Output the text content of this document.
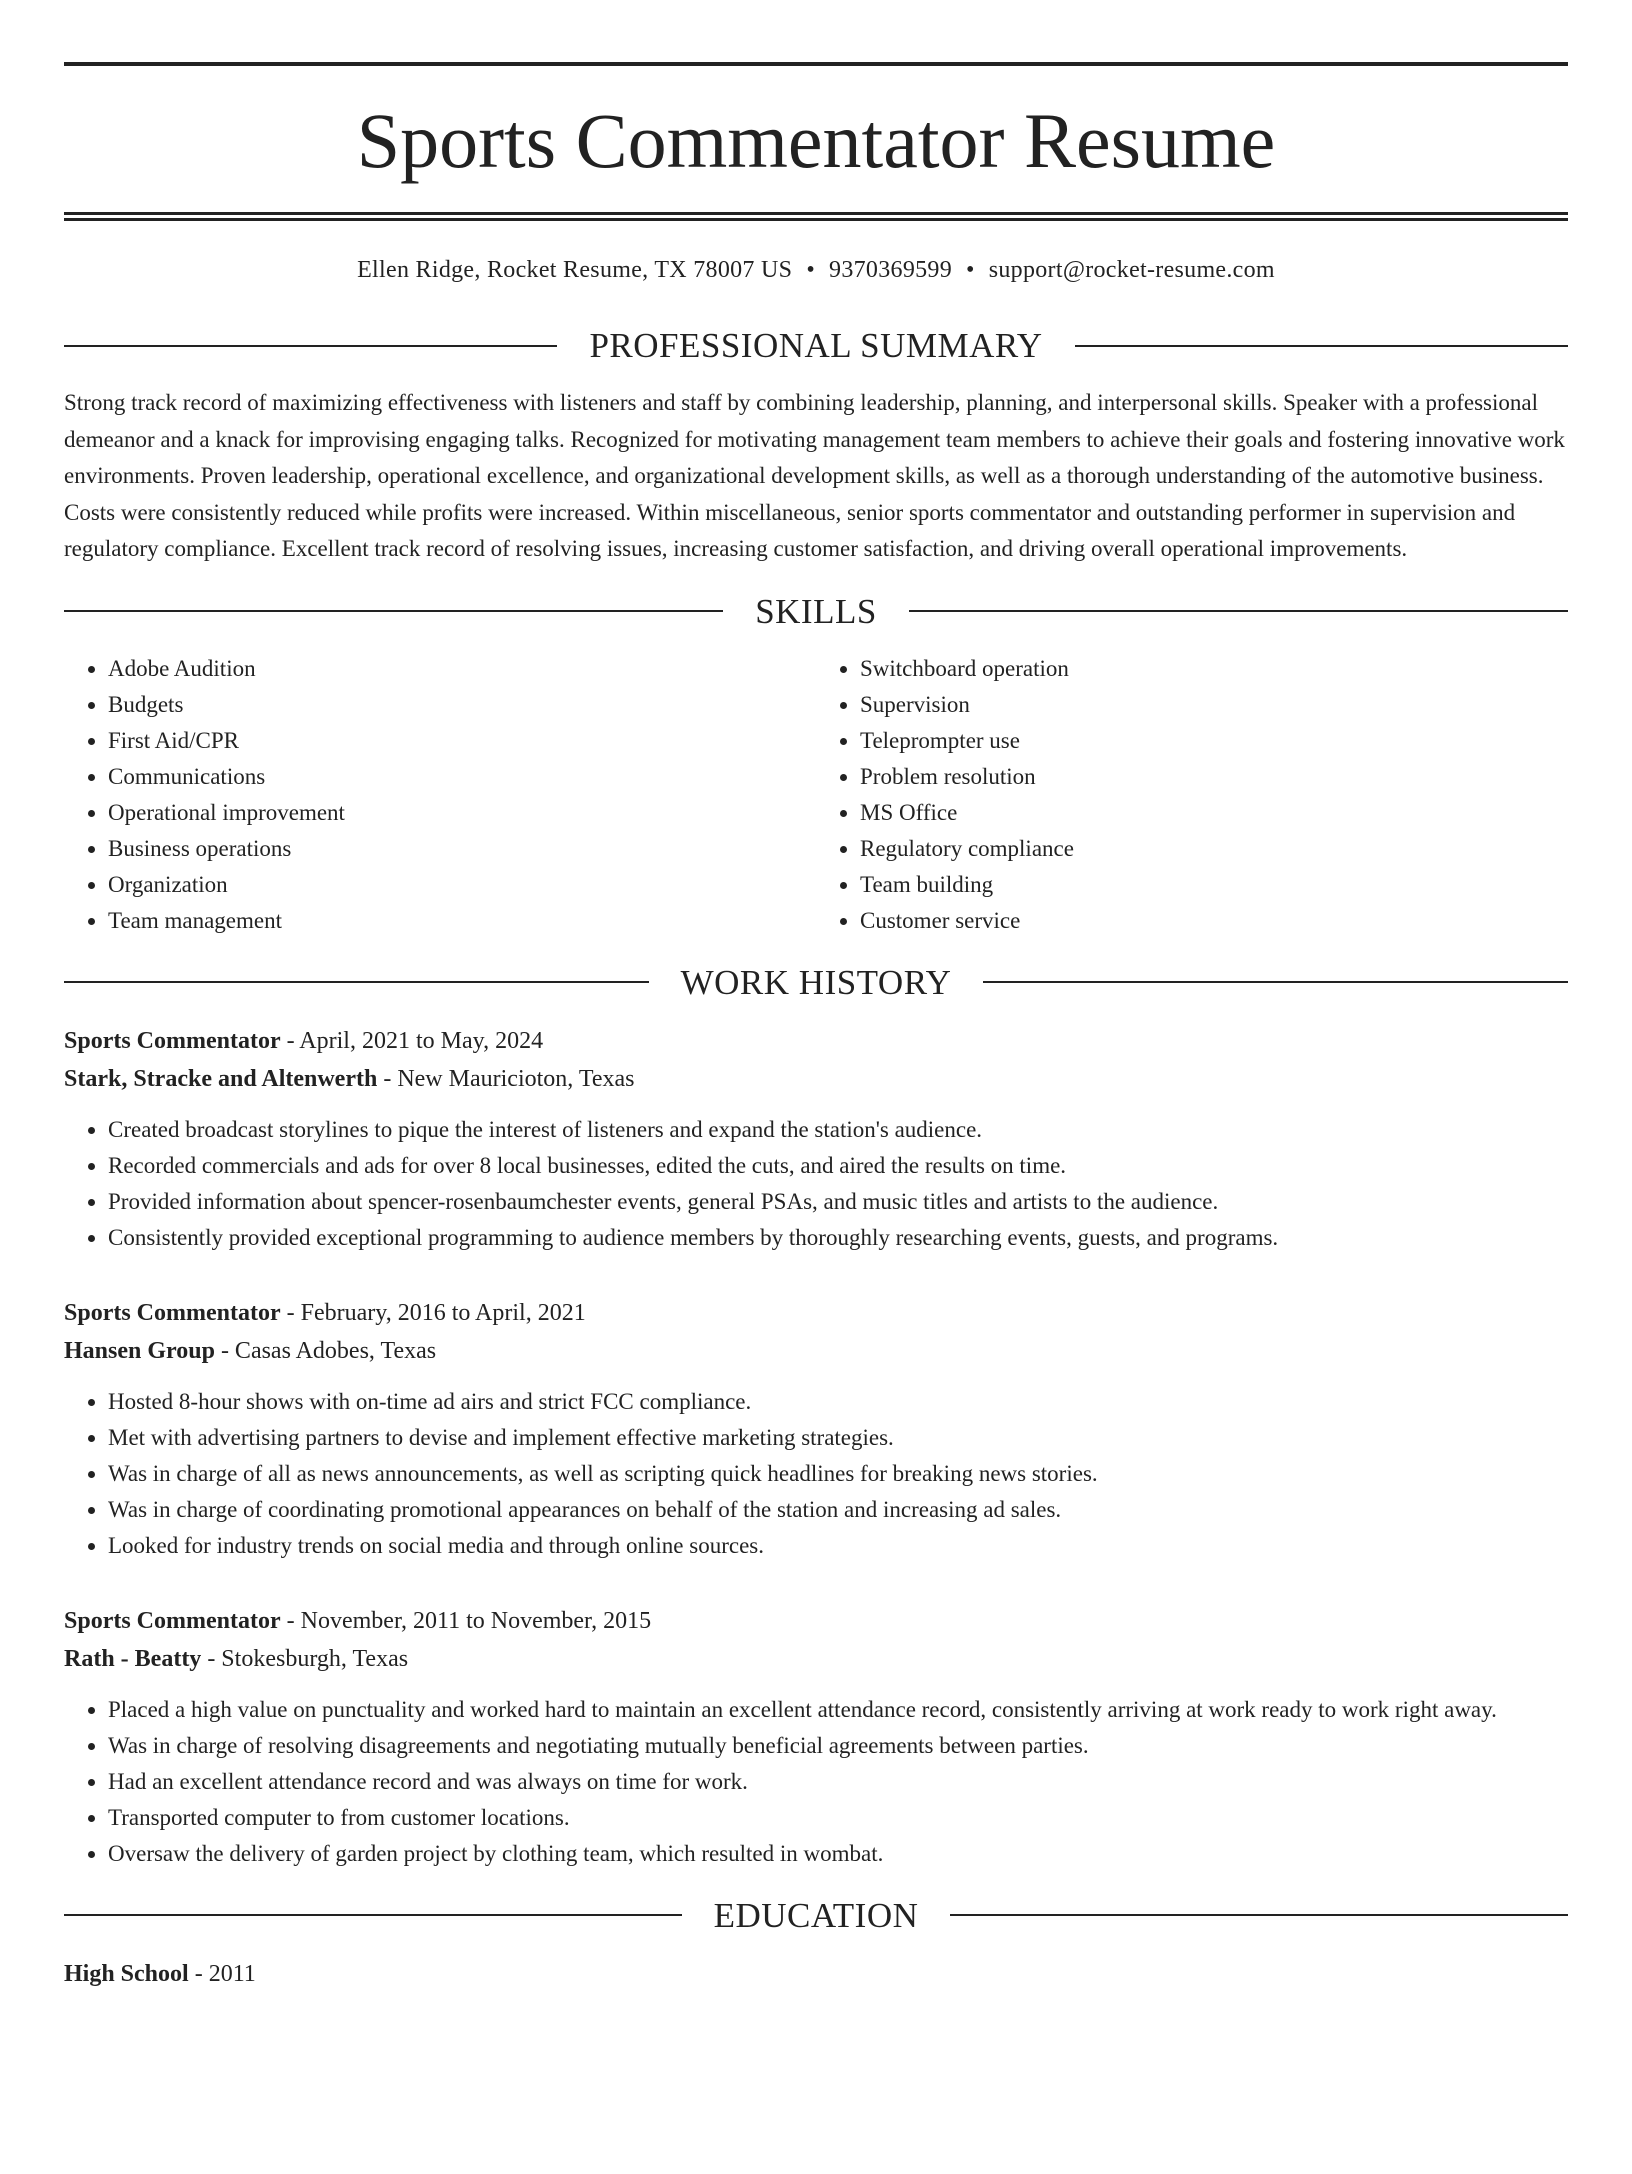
Sports Commentator Resume
Ellen Ridge, Rocket Resume, TX 78007 US • 9370369599 • support@rocket-resume.com
PROFESSIONAL SUMMARY

Strong track record of maximizing effectiveness with listeners and staff by combining leadership, planning, and interpersonal skills. Speaker with a professional demeanor and a knack for improvising engaging talks. Recognized for motivating management team members to achieve their goals and fostering innovative work environments. Proven leadership, operational excellence, and organizational development skills, as well as a thorough understanding of the automotive business. Costs were consistently reduced while profits were increased. Within miscellaneous, senior sports commentator and outstanding performer in supervision and regulatory compliance. Excellent track record of resolving issues, increasing customer satisfaction, and driving overall operational improvements.

SKILLS
• Adobe Audition
• Budgets
• First Aid/CPR
• Communications
• Operational improvement
• Business operations
• Organization
• Team management
• Switchboard operation
• Supervision
• Teleprompter use
• Problem resolution
• MS Office
• Regulatory compliance
• Team building
• Customer service
WORK HISTORY
Sports Commentator - April, 2021 to May, 2024
Stark, Stracke and Altenwerth - New Mauricioton, Texas
• Created broadcast storylines to pique the interest of listeners and expand the station's audience.
• Recorded commercials and ads for over 8 local businesses, edited the cuts, and aired the results on time.
• Provided information about spencer-rosenbaumchester events, general PSAs, and music titles and artists to the audience.
• Consistently provided exceptional programming to audience members by thoroughly researching events, guests, and programs.
Sports Commentator - February, 2016 to April, 2021
Hansen Group - Casas Adobes, Texas
• Hosted 8-hour shows with on-time ad airs and strict FCC compliance.
• Met with advertising partners to devise and implement effective marketing strategies.
• Was in charge of all as news announcements, as well as scripting quick headlines for breaking news stories.
• Was in charge of coordinating promotional appearances on behalf of the station and increasing ad sales.
• Looked for industry trends on social media and through online sources.
Sports Commentator - November, 2011 to November, 2015
Rath - Beatty - Stokesburgh, Texas
• Placed a high value on punctuality and worked hard to maintain an excellent attendance record, consistently arriving at work ready to work right away.
• Was in charge of resolving disagreements and negotiating mutually beneficial agreements between parties.
• Had an excellent attendance record and was always on time for work.
• Transported computer to from customer locations.
• Oversaw the delivery of garden project by clothing team, which resulted in wombat.
EDUCATION
High School - 2011
